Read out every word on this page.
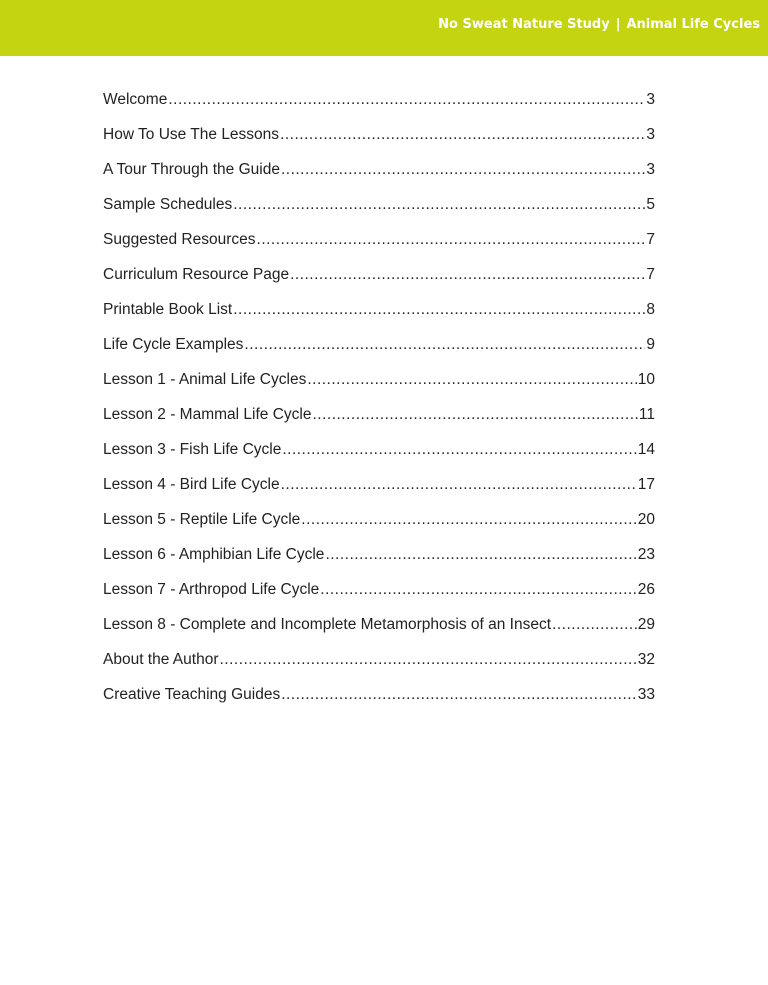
No Sweat Nature Study | Animal Life Cycles
Welcome .....	3
How To Use The Lessons .....	3
A Tour Through the Guide .....	3
Sample Schedules .....	5
Suggested Resources .....	7
Curriculum Resource Page .....	7
Printable Book List .....	8
Life Cycle Examples .....	9
Lesson 1 - Animal Life Cycles .....	10
Lesson 2 - Mammal Life Cycle .....	11
Lesson 3 - Fish Life Cycle .....	14
Lesson 4 - Bird Life Cycle .....	17
Lesson 5 - Reptile Life Cycle .....	20
Lesson 6 - Amphibian Life Cycle .....	23
Lesson 7 - Arthropod Life Cycle .....	26
Lesson 8 - Complete and Incomplete Metamorphosis of an Insect .....	29
About the Author .....	32
Creative Teaching Guides .....	33
